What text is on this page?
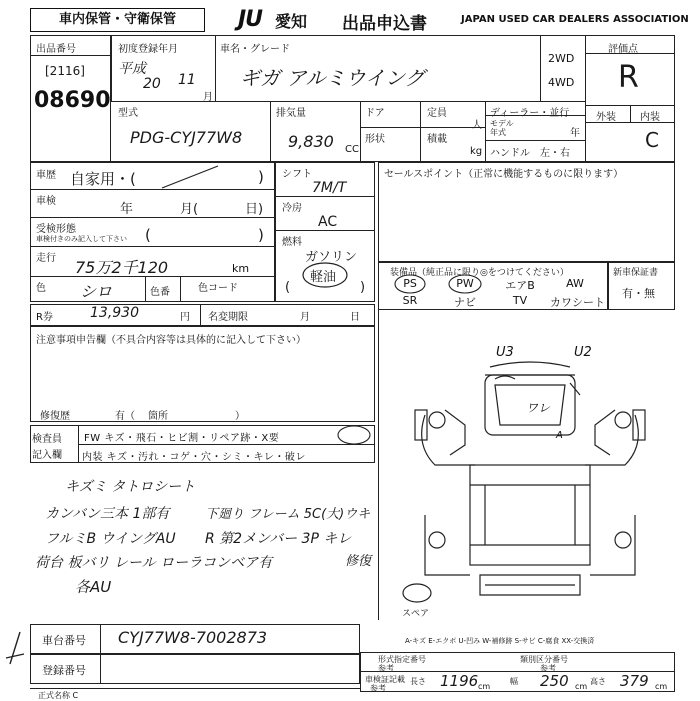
車内保管・守衛保管	JU 愛知 出品申込書	JAPAN USED CAR DEALERS ASSOCIATION
出品番号
[2116]
08690
初度登録年月
平成
20 11
月
車名・グレード
ギガ アルミウイング
2WD
4WD
評価点
R
外装 内装
C
型式
PDG-CYJ77W8
排気量
9,830 CC
ドア	定員
人
形状	積載
kg
ディーラー・並行
モデル
年式	年
ハンドル 左・右
車歴 自家用・(	)
車検
年	月(	日)
受検形態
車検付きのみ記入して下さい (	)
走行 75万2千120	km
色 シロ	色番	色コード
シフト
7M/T
冷房
AC
燃料
ガソリン
軽油
(	)
セールスポイント（正常に機能するものに限ります）
装備品（純正品に限り◎をつけてください）
PS	PW	エアB	AW
SR	ナビ	TV	カワシート
新車保証書
有・無
R券	13,930	円 名変期限	月	日
注意事項申告欄（不具合内容等は具体的に記入して下さい）
修復歴	有（ 箇所	）
検査員
記入欄
FW キズ・飛石・ヒビ割・リペア跡・X要
内装 キズ・汚れ・コゲ・穴・シミ・キレ・破レ
キズミ タトロシート
カンバン三本 1部有
フルミB ウイングAU
荷台 板バリ レール ローラコンベア有
各AU
下廻り フレーム 5C(大)ウキ
R 第2メンバー 3P キレ
修復
U3	U2
ワレ
A
スペア
A-キズ E-エクボ U-凹み W-補修跡 S-サビ C-腐食 XX-交換済
車台番号 CYJ77W8-7002873
登録番号
形式指定番号
参考
類別区分番号
参考
車検証記載
参考
長さ 1196 cm
幅 250 cm
高さ 379 cm
正式名称 C
